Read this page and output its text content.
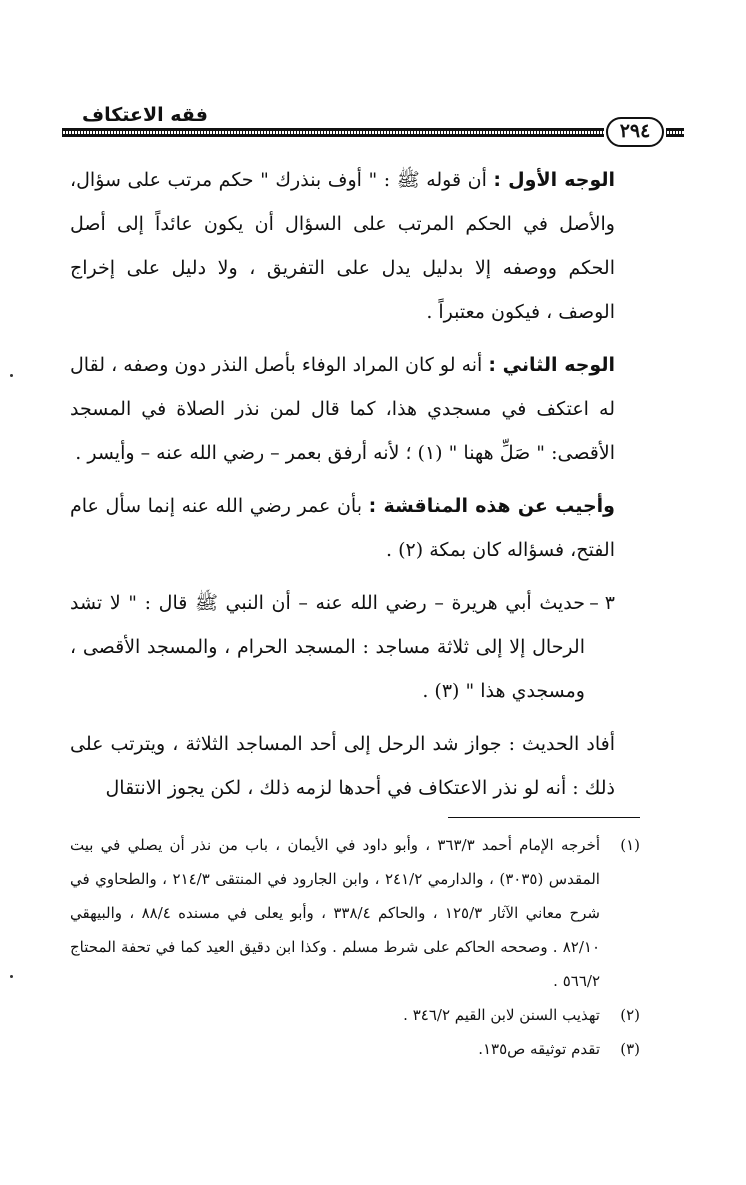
فقه الاعتكاف
٢٩٤

الوجه الأول : أن قوله ﷺ : " أوف بنذرك " حكم مرتب على سؤال، والأصل في الحكم المرتب على السؤال أن يكون عائداً إلى أصل الحكم ووصفه إلا بدليل يدل على التفريق ، ولا دليل على إخراج الوصف ، فيكون معتبراً .

الوجه الثاني : أنه لو كان المراد الوفاء بأصل النذر دون وصفه ، لقال له اعتكف في مسجدي هذا، كما قال لمن نذر الصلاة في المسجد الأقصى: " صَلِّ ههنا " (١) ؛ لأنه أرفق بعمر – رضي الله عنه – وأيسر .

وأجيب عن هذه المناقشة : بأن عمر رضي الله عنه إنما سأل عام الفتح، فسؤاله كان بمكة (٢) .

٣ –
حديث أبي هريرة – رضي الله عنه – أن النبي ﷺ قال : " لا تشد الرحال إلا إلى ثلاثة مساجد : المسجد الحرام ، والمسجد الأقصى ، ومسجدي هذا " (٣) .

أفاد الحديث : جواز شد الرحل إلى أحد المساجد الثلاثة ، ويترتب على ذلك : أنه لو نذر الاعتكاف في أحدها لزمه ذلك ، لكن يجوز الانتقال

(١)
أخرجه الإمام أحمد ٣٦٣/٣ ، وأبو داود في الأيمان ، باب من نذر أن يصلي في بيت المقدس (٣٠٣٥) ، والدارمي ٢٤١/٢ ، وابن الجارود في المنتقى ٢١٤/٣ ، والطحاوي في شرح معاني الآثار ١٢٥/٣ ، والحاكم ٣٣٨/٤ ، وأبو يعلى في مسنده ٨٨/٤ ، والبيهقي ٨٢/١٠ . وصححه الحاكم على شرط مسلم . وكذا ابن دقيق العيد كما في تحفة المحتاج ٥٦٦/٢ .
(٢)
تهذيب السنن لابن القيم ٣٤٦/٢ .
(٣)
تقدم توثيقه ص١٣٥.
